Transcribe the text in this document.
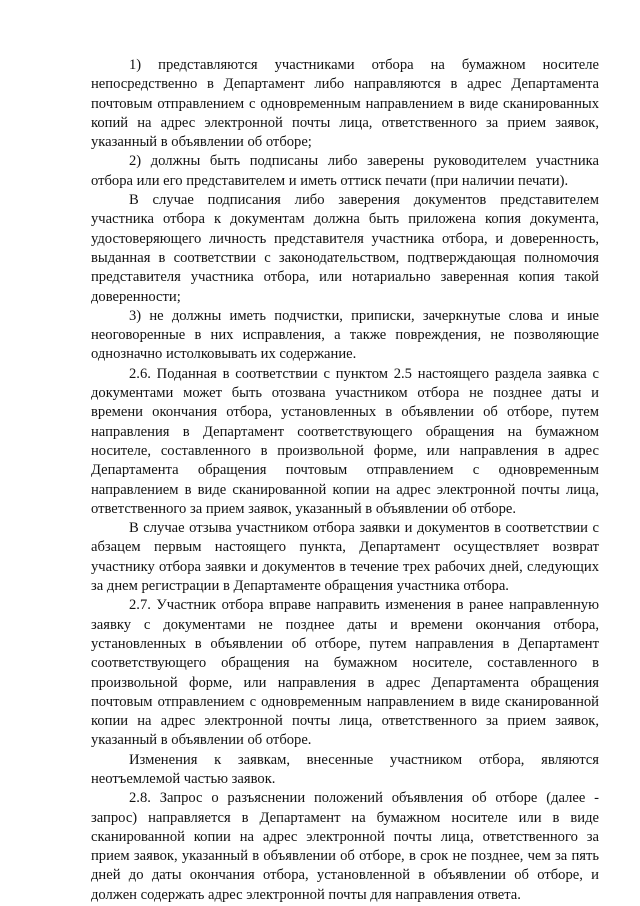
1) представляются участниками отбора на бумажном носителе непосредственно в Департамент либо направляются в адрес Департамента почтовым отправлением с одновременным направлением в виде сканированных копий на адрес электронной почты лица, ответственного за прием заявок, указанный в объявлении об отборе;

2) должны быть подписаны либо заверены руководителем участника отбора или его представителем и иметь оттиск печати (при наличии печати).

В случае подписания либо заверения документов представителем участника отбора к документам должна быть приложена копия документа, удостоверяющего личность представителя участника отбора, и доверенность, выданная в соответствии с законодательством, подтверждающая полномочия представителя участника отбора, или нотариально заверенная копия такой доверенности;

3) не должны иметь подчистки, приписки, зачеркнутые слова и иные неоговоренные в них исправления, а также повреждения, не позволяющие однозначно истолковывать их содержание.

2.6. Поданная в соответствии с пунктом 2.5 настоящего раздела заявка с документами может быть отозвана участником отбора не позднее даты и времени окончания отбора, установленных в объявлении об отборе, путем направления в Департамент соответствующего обращения на бумажном носителе, составленного в произвольной форме, или направления в адрес Департамента обращения почтовым отправлением с одновременным направлением в виде сканированной копии на адрес электронной почты лица, ответственного за прием заявок, указанный в объявлении об отборе.

В случае отзыва участником отбора заявки и документов в соответствии с абзацем первым настоящего пункта, Департамент осуществляет возврат участнику отбора заявки и документов в течение трех рабочих дней, следующих за днем регистрации в Департаменте обращения участника отбора.

2.7. Участник отбора вправе направить изменения в ранее направленную заявку с документами не позднее даты и времени окончания отбора, установленных в объявлении об отборе, путем направления в Департамент соответствующего обращения на бумажном носителе, составленного в произвольной форме, или направления в адрес Департамента обращения почтовым отправлением с одновременным направлением в виде сканированной копии на адрес электронной почты лица, ответственного за прием заявок, указанный в объявлении об отборе.

Изменения к заявкам, внесенные участником отбора, являются неотъемлемой частью заявок.

2.8. Запрос о разъяснении положений объявления об отборе (далее - запрос) направляется в Департамент на бумажном носителе или в виде сканированной копии на адрес электронной почты лица, ответственного за прием заявок, указанный в объявлении об отборе, в срок не позднее, чем за пять дней до даты окончания отбора, установленной в объявлении об отборе, и должен содержать адрес электронной почты для направления ответа.
